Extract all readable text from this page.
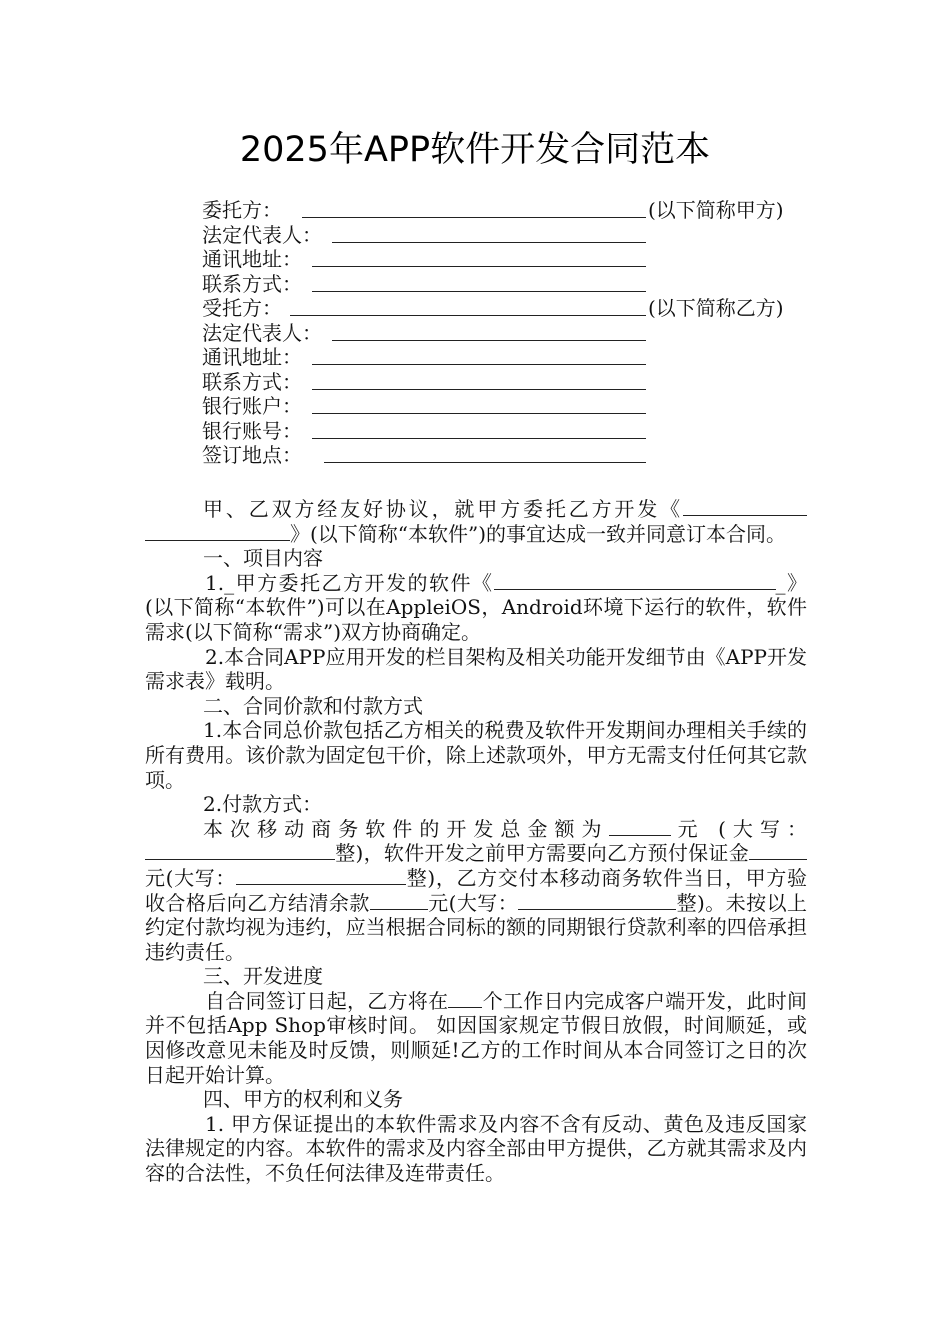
2025年APP软件开发合同范本
委托方：	(以下简称甲方)
法定代表人：
通讯地址：
联系方式：
受托方：	(以下简称乙方)
法定代表人：
通讯地址：
联系方式：
银行账户：
银行账号：
签订地点：

甲、乙双方经友好协议，就甲方委托乙方开发《》(以下简称“本软件”)的事宜达成一致并同意订本合同。

一、项目内容

1._甲方委托乙方开发的软件《	_》(以下简称“本软件”)可以在AppleiOS，Android环境下运行的软件，软件需求(以下简称“需求”)双方协商确定。

2.本合同APP应用开发的栏目架构及相关功能开发细节由《APP开发需求表》载明。

二、合同价款和付款方式

1.本合同总价款包括乙方相关的税费及软件开发期间办理相关手续的所有费用。该价款为固定包干价，除上述款项外，甲方无需支付任何其它款项。

2.付款方式：

本次移动商务软件的开发总金额为	元 (大写：整)，软件开发之前甲方需要向乙方预付保证金元(大写：	整)，乙方交付本移动商务软件当日，甲方验收合格后向乙方结清余款	元(大写：	整)。未按以上约定付款均视为违约，应当根据合同标的额的同期银行贷款利率的四倍承担违约责任。

三、开发进度

自合同签订日起，乙方将在 个工作日内完成客户端开发，此时间并不包括App Shop审核时间。 如因国家规定节假日放假，时间顺延，或因修改意见未能及时反馈，则顺延!乙方的工作时间从本合同签订之日的次日起开始计算。

四、甲方的权利和义务

1. 甲方保证提出的本软件需求及内容不含有反动、黄色及违反国家法律规定的内容。本软件的需求及内容全部由甲方提供，乙方就其需求及内容的合法性，不负任何法律及连带责任。
